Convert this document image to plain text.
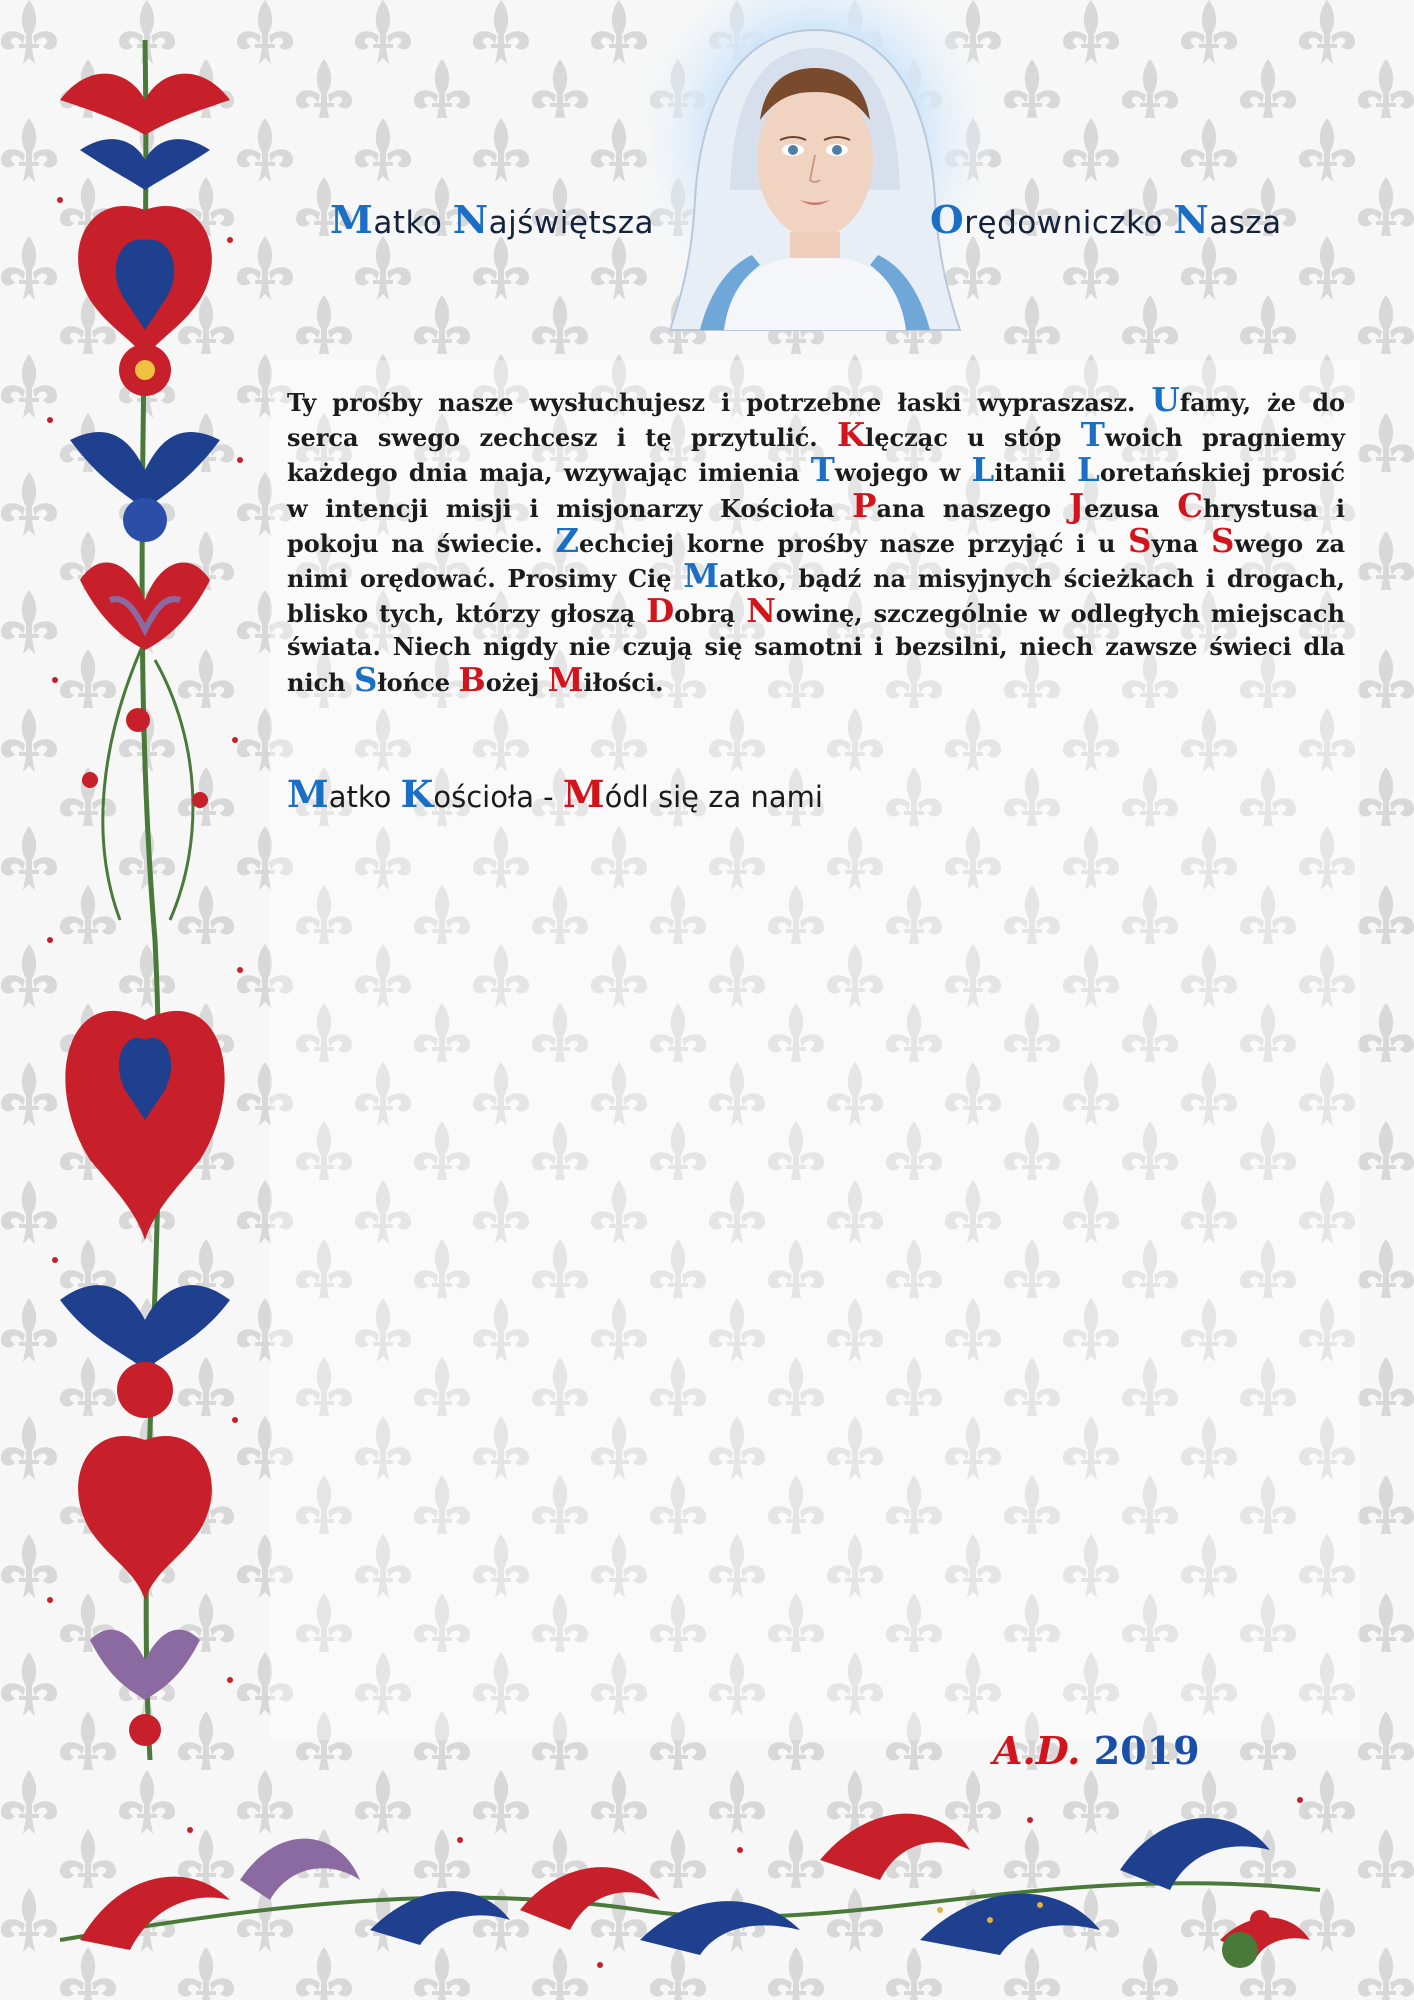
Matko Najświętsza	Orędowniczko Nasza

Ty prośby nasze wysłuchujesz i potrzebne łaski wypraszasz. Ufamy, że do serca swego zechcesz i tę przytulić. Klęcząc u stóp Twoich pragniemy każdego dnia maja, wzywając imienia Twojego w Litanii Loretańskiej prosić w intencji misji i misjonarzy Kościoła Pana naszego Jezusa Chrystusa i pokoju na świecie. Zechciej korne prośby nasze przyjąć i u Syna Swego za nimi orędować. Prosimy Cię Matko, bądź na misyjnych ścieżkach i drogach, blisko tych, którzy głoszą Dobrą Nowinę, szczególnie w odległych miejscach świata. Niech nigdy nie czują się samotni i bezsilni, niech zawsze świeci dla nich Słońce Bożej Miłości.

Matko Kościoła - Módl się za nami
A.D. 2019
